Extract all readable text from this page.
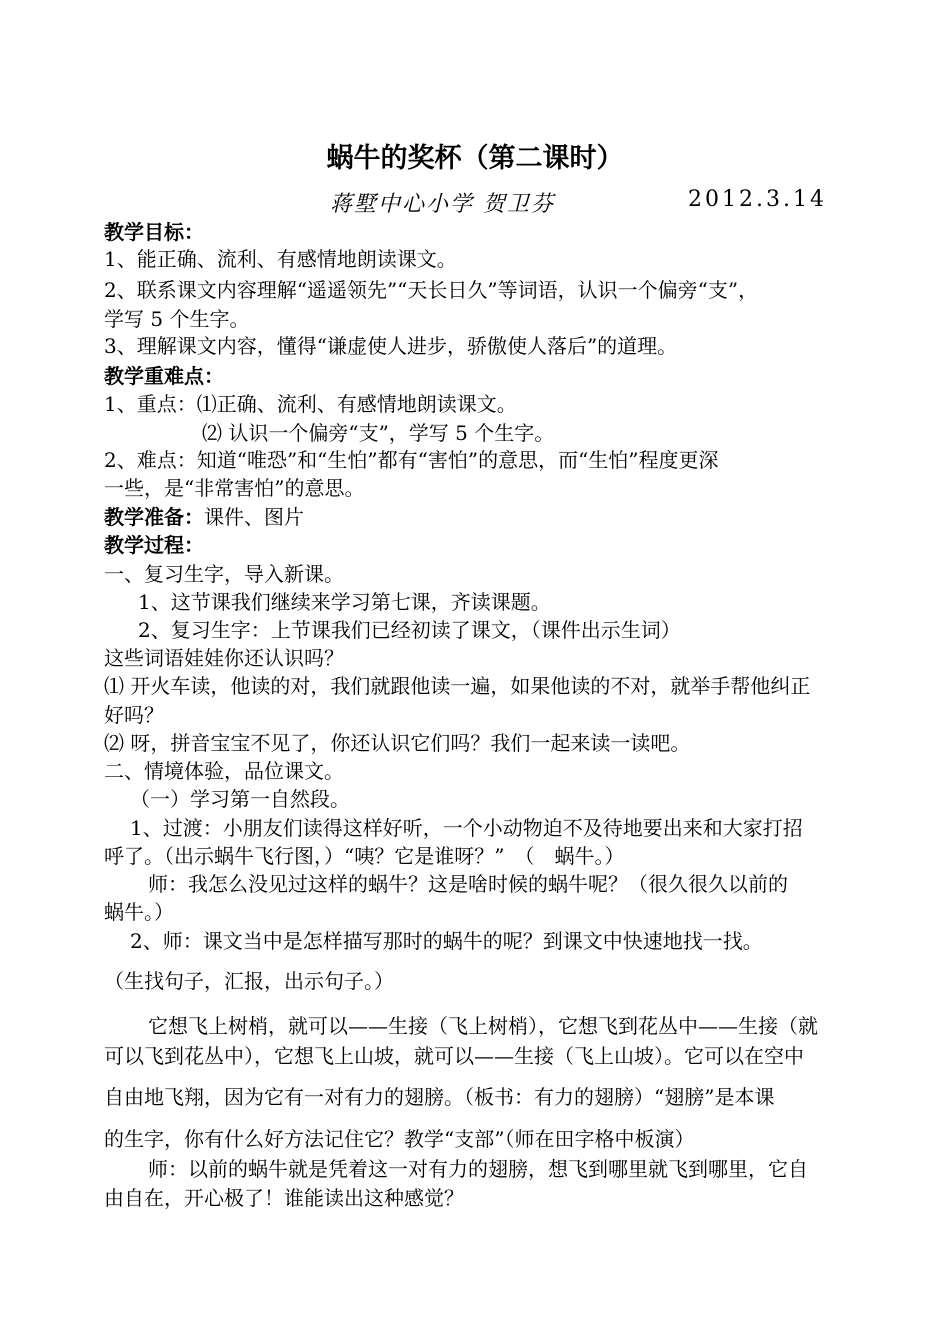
蜗牛的奖杯（第二课时）
蒋墅中心小学 贺卫芬	2012.3.14
教学目标：
1、能正确、流利、有感情地朗读课文。
2、联系课文内容理解“遥遥领先”“天长日久”等词语，认识一个偏旁“支”，
学写 5 个生字。
3、理解课文内容，懂得“谦虚使人进步，骄傲使人落后”的道理。
教学重难点：
1、重点：⑴正确、流利、有感情地朗读课文。
⑵ 认识一个偏旁“支”，学写 5 个生字。
2、难点：知道“唯恐”和“生怕”都有“害怕”的意思，而“生怕”程度更深
一些，是“非常害怕”的意思。
教学准备：课件、图片
教学过程：
一、复习生字，导入新课。
1、这节课我们继续来学习第七课，齐读课题。
2、复习生字：上节课我们已经初读了课文，（课件出示生词）
这些词语娃娃你还认识吗？
⑴ 开火车读，他读的对，我们就跟他读一遍，如果他读的不对，就举手帮他纠正
好吗？
⑵ 呀，拼音宝宝不见了，你还认识它们吗？我们一起来读一读吧。
二、情境体验，品位课文。
（一）学习第一自然段。
1、过渡：小朋友们读得这样好听，一个小动物迫不及待地要出来和大家打招
呼了。（出示蜗牛飞行图，）“咦？它是谁呀？”　（　蜗牛。）
师：我怎么没见过这样的蜗牛？这是啥时候的蜗牛呢？（很久很久以前的
蜗牛。）
2、师：课文当中是怎样描写那时的蜗牛的呢？到课文中快速地找一找。
（生找句子，汇报，出示句子。）
它想飞上树梢，就可以——生接（飞上树梢），它想飞到花丛中——生接（就
可以飞到花丛中），它想飞上山坡，就可以——生接（飞上山坡）。它可以在空中
自由地飞翔，因为它有一对有力的翅膀。（板书：有力的翅膀）“翅膀”是本课
的生字，你有什么好方法记住它？教学“支部”（师在田字格中板演）
师：以前的蜗牛就是凭着这一对有力的翅膀，想飞到哪里就飞到哪里，它自
由自在，开心极了！谁能读出这种感觉？
